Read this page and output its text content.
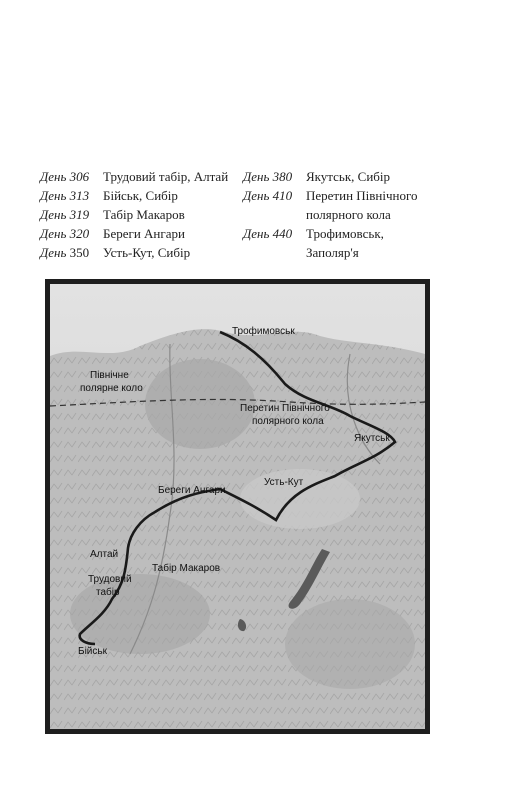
День 306	Трудовий табір, Алтай
День 313	Бійськ, Сибір
День 319	Табір Макаров
День 320	Береги Ангари
День 350	Усть-Кут, Сибір
День 380	Якутськ, Сибір
День 410	Перетин Північного
полярного кола
День 440	Трофимовськ,
Заполяр'я
Трофимовськ
Північне
полярне коло
Перетин Північного
полярного кола
Якутськ
Усть-Кут
Береги Ангари
Алтай
Трудовий
табір
Табір Макаров
Бійськ
